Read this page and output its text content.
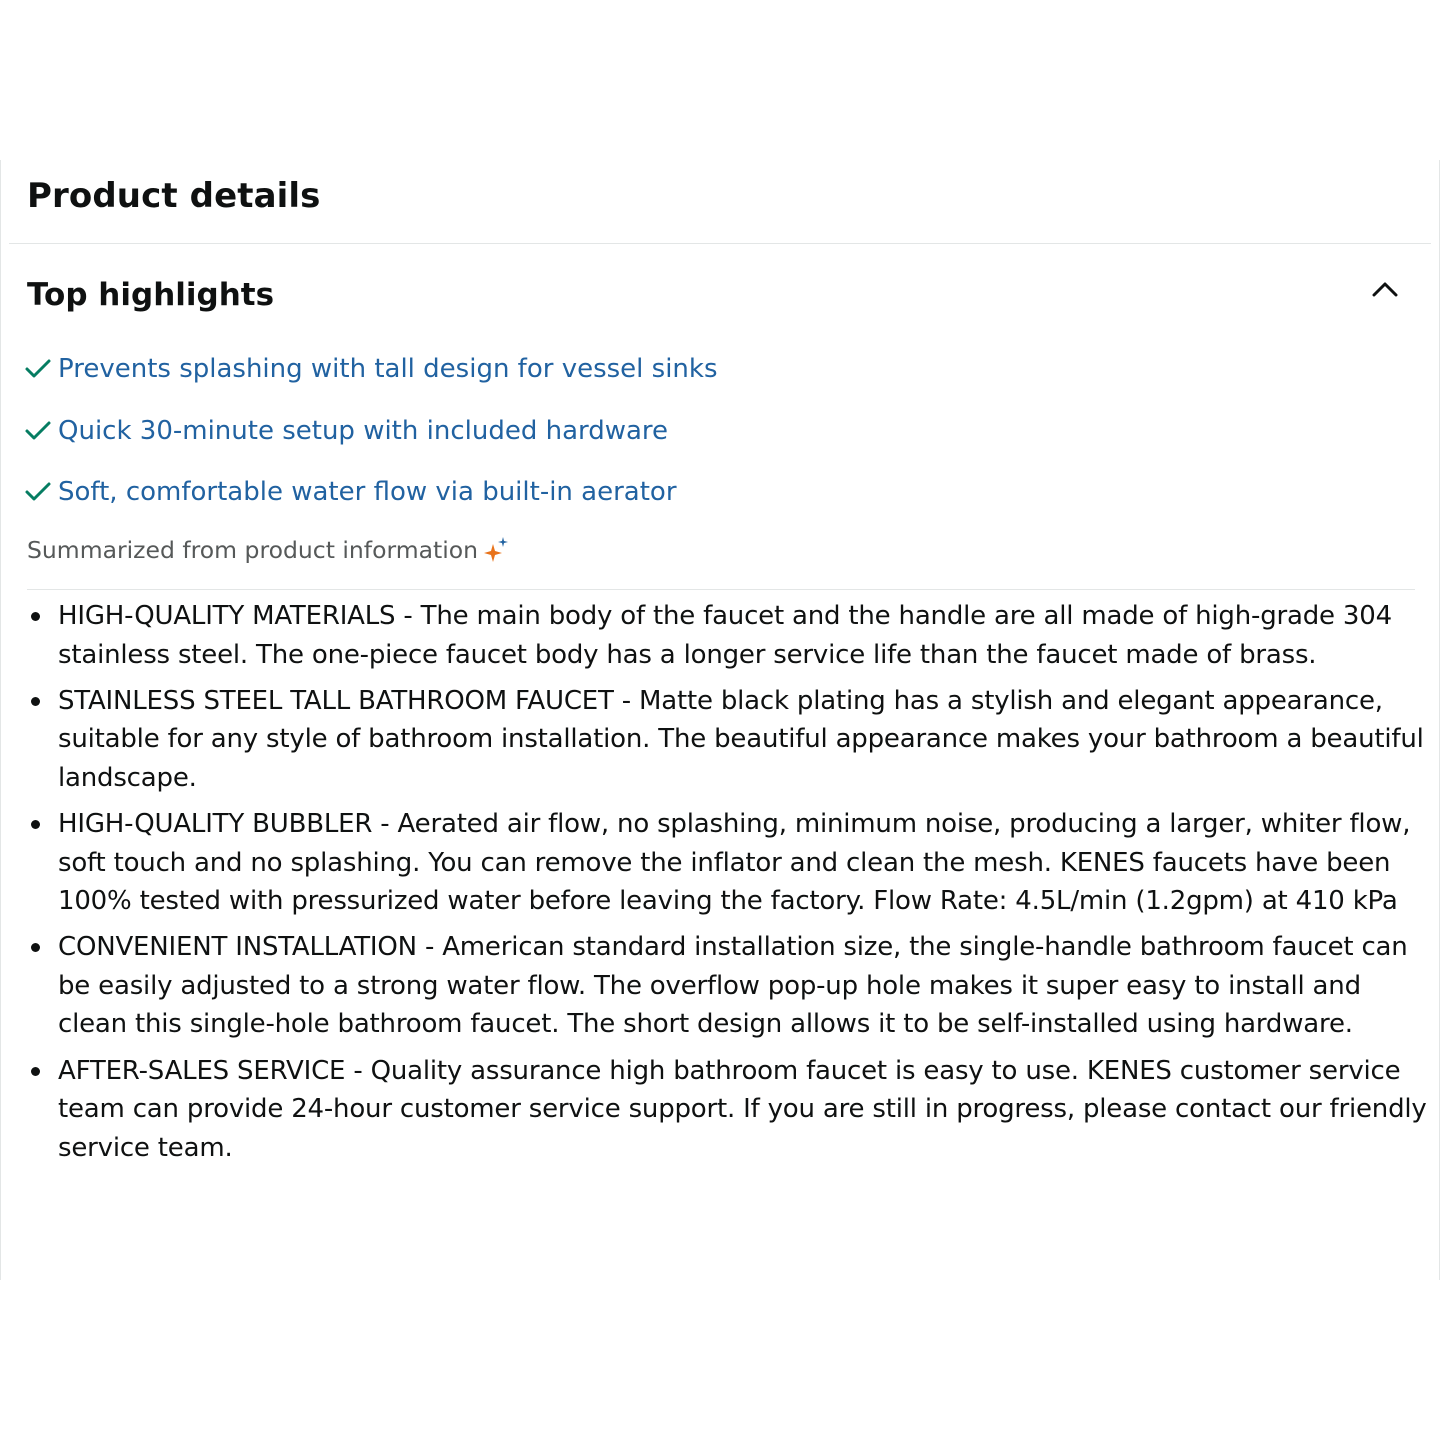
Product details
Top highlights
Prevents splashing with tall design for vessel sinks
Quick 30-minute setup with included hardware
Soft, comfortable water flow via built-in aerator
Summarized from product information
HIGH-QUALITY MATERIALS - The main body of the faucet and the handle are all made of high-grade 304 stainless steel. The one-piece faucet body has a longer service life than the faucet made of brass.
STAINLESS STEEL TALL BATHROOM FAUCET - Matte black plating has a stylish and elegant appearance, suitable for any style of bathroom installation. The beautiful appearance makes your bathroom a beautiful landscape.
HIGH-QUALITY BUBBLER - Aerated air flow, no splashing, minimum noise, producing a larger, whiter flow, soft touch and no splashing. You can remove the inflator and clean the mesh. KENES faucets have been 100% tested with pressurized water before leaving the factory. Flow Rate: 4.5L/min (1.2gpm) at 410 kPa
CONVENIENT INSTALLATION - American standard installation size, the single-handle bathroom faucet can be easily adjusted to a strong water flow. The overflow pop-up hole makes it super easy to install and clean this single-hole bathroom faucet. The short design allows it to be self-installed using hardware.
AFTER-SALES SERVICE - Quality assurance high bathroom faucet is easy to use. KENES customer service team can provide 24-hour customer service support. If you are still in progress, please contact our friendly service team.
